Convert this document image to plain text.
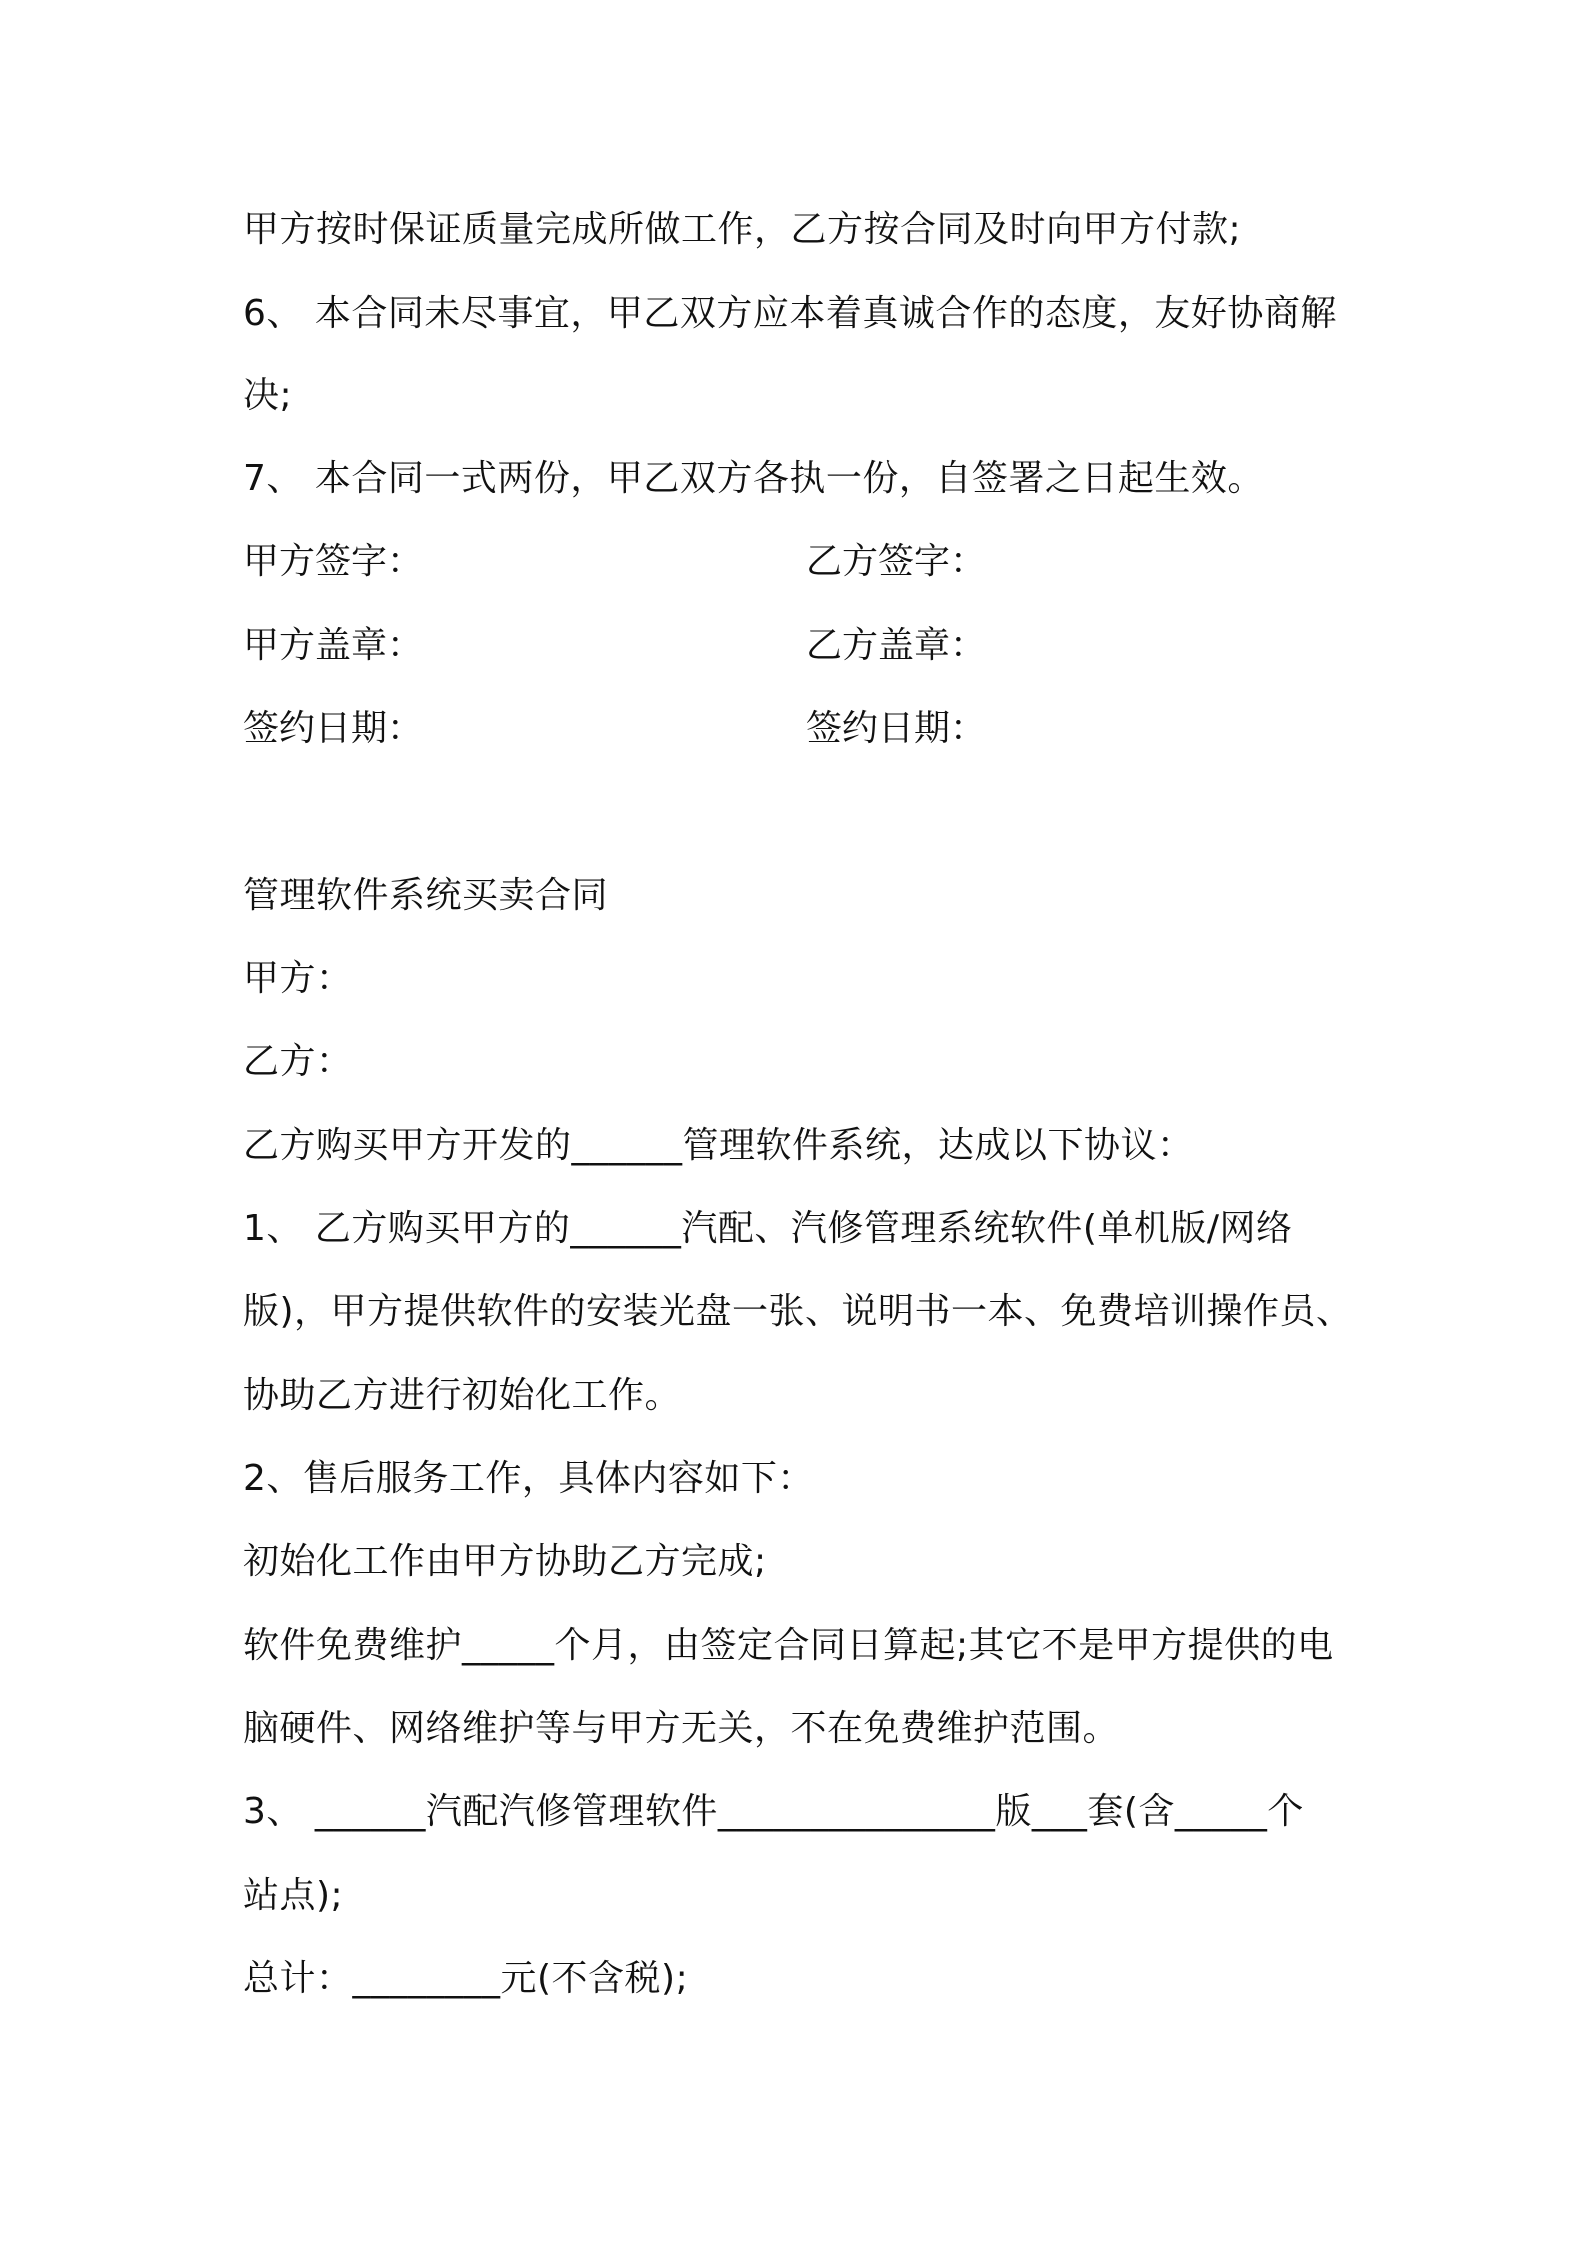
甲方按时保证质量完成所做工作，乙方按合同及时向甲方付款;
6、 本合同未尽事宜，甲乙双方应本着真诚合作的态度，友好协商解
决;
7、 本合同一式两份，甲乙双方各执一份，自签署之日起生效。
甲方签字：	乙方签字：
甲方盖章：	乙方盖章：
签约日期：	签约日期：
管理软件系统买卖合同
甲方：
乙方：
乙方购买甲方开发的______管理软件系统，达成以下协议：
1、 乙方购买甲方的______汽配、汽修管理系统软件(单机版/网络
版)，甲方提供软件的安装光盘一张、说明书一本、免费培训操作员、
协助乙方进行初始化工作。
2、售后服务工作，具体内容如下：
初始化工作由甲方协助乙方完成;
软件免费维护_____个月，由签定合同日算起;其它不是甲方提供的电
脑硬件、网络维护等与甲方无关，不在免费维护范围。
3、 ______汽配汽修管理软件_______________版___套(含_____个
站点);
总计：________元(不含税);
